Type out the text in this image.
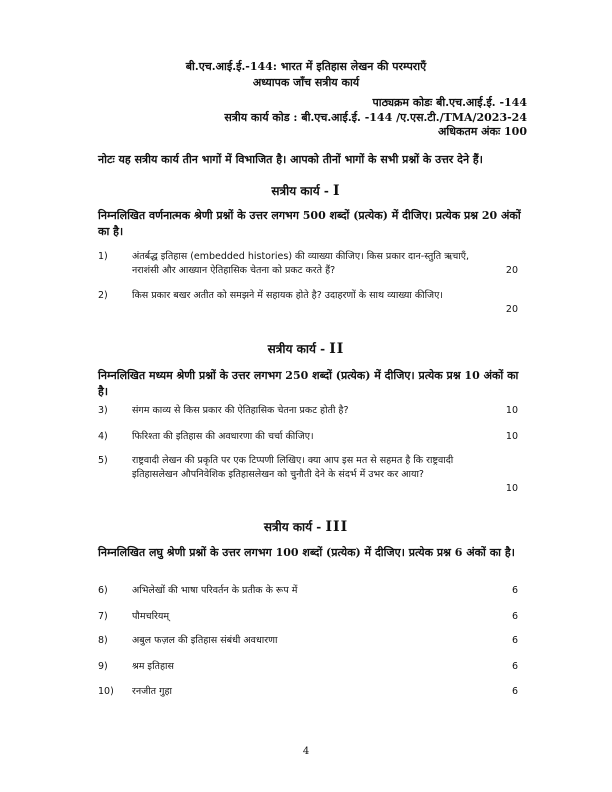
बी.एच.आई.ई.-144: भारत में इतिहास लेखन की परम्पराएँ
अध्यापक जाँच सत्रीय कार्य
पाठ्यक्रम कोडः बी.एच.आई.ई. -144
सत्रीय कार्य कोड : बी.एच.आई.ई. -144 /ए.एस.टी./TMA/2023-24
अधिकतम अंकः 100
नोटः यह सत्रीय कार्य तीन भागों में विभाजित है। आपको तीनों भागों के सभी प्रश्नों के उत्तर देने हैं।
सत्रीय कार्य - I
निम्नलिखित वर्णनात्मक श्रेणी प्रश्नों के उत्तर लगभग 500 शब्दों (प्रत्येक) में दीजिए। प्रत्येक प्रश्न 20 अंकों का है।
1)	अंतर्बद्ध इतिहास (embedded histories) की व्याख्या कीजिए। किस प्रकार दान-स्तुति ऋचाएँ, नराशंसी और आख्यान ऐतिहासिक चेतना को प्रकट करते हैं?	20
2)	किस प्रकार बखर अतीत को समझने में सहायक होते है? उदाहरणों के साथ व्याख्या कीजिए।
20
सत्रीय कार्य - II
निम्नलिखित मध्यम श्रेणी प्रश्नों के उत्तर लगभग 250 शब्दों (प्रत्येक) में दीजिए। प्रत्येक प्रश्न 10 अंकों का है।
3)	संगम काव्य से किस प्रकार की ऐतिहासिक चेतना प्रकट होती है?	10
4)	फिरिश्ता की इतिहास की अवधारणा की चर्चा कीजिए।	10
5)	राष्ट्रवादी लेखन की प्रकृति पर एक टिप्पणी लिखिए। क्या आप इस मत से सहमत है कि राष्ट्रवादी इतिहासलेखन औपनिवेशिक इतिहासलेखन को चुनौती देने के संदर्भ में उभर कर आया?
10
सत्रीय कार्य - III
निम्नलिखित लघु श्रेणी प्रश्नों के उत्तर लगभग 100 शब्दों (प्रत्येक) में दीजिए। प्रत्येक प्रश्न 6 अंकों का है।
6)	अभिलेखों की भाषा परिवर्तन के प्रतीक के रूप में	6
7)	पौमचरियम्	6
8)	अबुल फज़ल की इतिहास संबंधी अवधारणा	6
9)	श्रम इतिहास	6
10)	रनजीत गुहा	6
4
